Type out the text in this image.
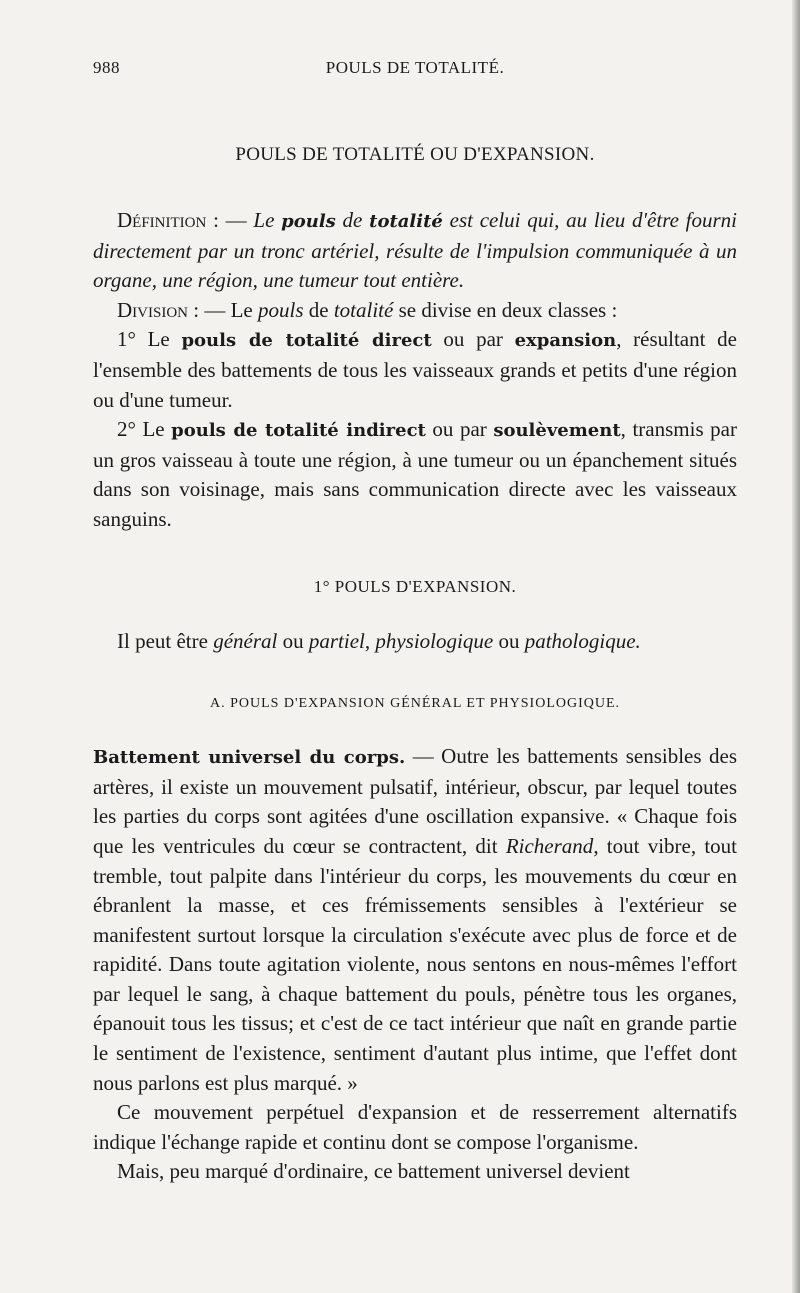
988	POULS DE TOTALITÉ.
POULS DE TOTALITÉ OU D'EXPANSION.

Définition : — Le pouls de totalité est celui qui, au lieu d'être fourni directement par un tronc artériel, résulte de l'impulsion communiquée à un organe, une région, une tumeur tout entière.

Division : — Le pouls de totalité se divise en deux classes :

1° Le pouls de totalité direct ou par expansion, résultant de l'ensemble des battements de tous les vaisseaux grands et petits d'une région ou d'une tumeur.

2° Le pouls de totalité indirect ou par soulèvement, transmis par un gros vaisseau à toute une région, à une tumeur ou un épanchement situés dans son voisinage, mais sans communication directe avec les vaisseaux sanguins.

1° POULS D'EXPANSION.

Il peut être général ou partiel, physiologique ou pathologique.

A. POULS D'EXPANSION GÉNÉRAL ET PHYSIOLOGIQUE.

Battement universel du corps. — Outre les battements sensibles des artères, il existe un mouvement pulsatif, intérieur, obscur, par lequel toutes les parties du corps sont agitées d'une oscillation expansive. « Chaque fois que les ventricules du cœur se contractent, dit Richerand, tout vibre, tout tremble, tout palpite dans l'intérieur du corps, les mouvements du cœur en ébranlent la masse, et ces frémissements sensibles à l'extérieur se manifestent surtout lorsque la circulation s'exécute avec plus de force et de rapidité. Dans toute agitation violente, nous sentons en nous-mêmes l'effort par lequel le sang, à chaque battement du pouls, pénètre tous les organes, épanouit tous les tissus; et c'est de ce tact intérieur que naît en grande partie le sentiment de l'existence, sentiment d'autant plus intime, que l'effet dont nous parlons est plus marqué. »

Ce mouvement perpétuel d'expansion et de resserrement alternatifs indique l'échange rapide et continu dont se compose l'organisme.

Mais, peu marqué d'ordinaire, ce battement universel devient
